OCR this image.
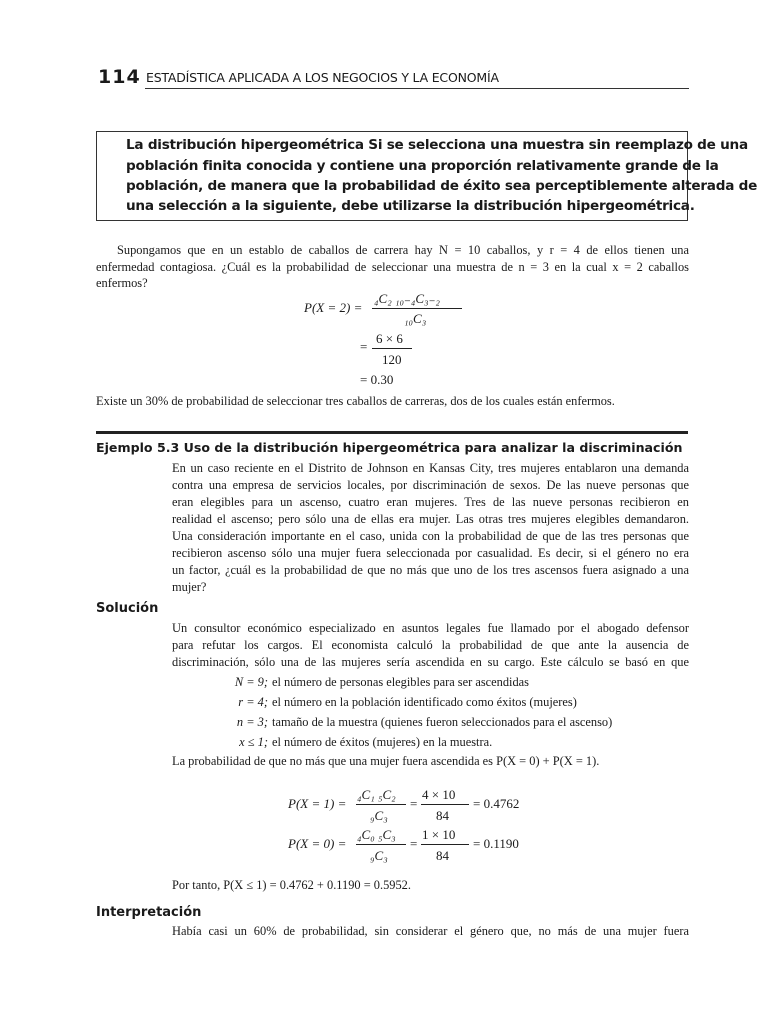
114 ESTADÍSTICA APLICADA A LOS NEGOCIOS Y LA ECONOMÍA
La distribución hipergeométrica Si se selecciona una muestra sin reemplazo de una
población finita conocida y contiene una proporción relativamente grande de la
población, de manera que la probabilidad de éxito sea perceptiblemente alterada de
una selección a la siguiente, debe utilizarse la distribución hipergeométrica.
Supongamos que en un establo de caballos de carrera hay N = 10 caballos, y r = 4 de ellos tienen una
enfermedad contagiosa. ¿Cuál es la probabilidad de seleccionar una muestra de n = 3 en la cual x = 2 caballos
enfermos?
P(X = 2) =
₄C₂ ₁₀₋₄C₃₋₂
₁₀C₃
=
6 × 6
120
= 0.30
Existe un 30% de probabilidad de seleccionar tres caballos de carreras, dos de los cuales están enfermos.
Ejemplo 5.3 Uso de la distribución hipergeométrica para analizar la discriminación
En un caso reciente en el Distrito de Johnson en Kansas City, tres mujeres entablaron una demanda
contra una empresa de servicios locales, por discriminación de sexos. De las nueve personas que
eran elegibles para un ascenso, cuatro eran mujeres. Tres de las nueve personas recibieron en
realidad el ascenso; pero sólo una de ellas era mujer. Las otras tres mujeres elegibles demandaron.
Una consideración importante en el caso, unida con la probabilidad de que de las tres personas que
recibieron ascenso sólo una mujer fuera seleccionada por casualidad. Es decir, si el género no era
un factor, ¿cuál es la probabilidad de que no más que uno de los tres ascensos fuera asignado a una
mujer?
Solución
Un consultor económico especializado en asuntos legales fue llamado por el abogado defensor
para refutar los cargos. El economista calculó la probabilidad de que ante la ausencia de
discriminación, sólo una de las mujeres sería ascendida en su cargo. Este cálculo se basó en que
N = 9; el número de personas elegibles para ser ascendidas
r = 4; el número en la población identificado como éxitos (mujeres)
n = 3; tamaño de la muestra (quienes fueron seleccionados para el ascenso)
x ≤ 1; el número de éxitos (mujeres) en la muestra.
La probabilidad de que no más que una mujer fuera ascendida es P(X = 0) + P(X = 1).
P(X = 1) =
₄C₁ ₅C₂
₉C₃
=
4 × 10
84
= 0.4762
P(X = 0) =
₄C₀ ₅C₃
₉C₃
=
1 × 10
84
= 0.1190
Por tanto, P(X ≤ 1) = 0.4762 + 0.1190 = 0.5952.
Interpretación
Había casi un 60% de probabilidad, sin considerar el género que, no más de una mujer fuera
